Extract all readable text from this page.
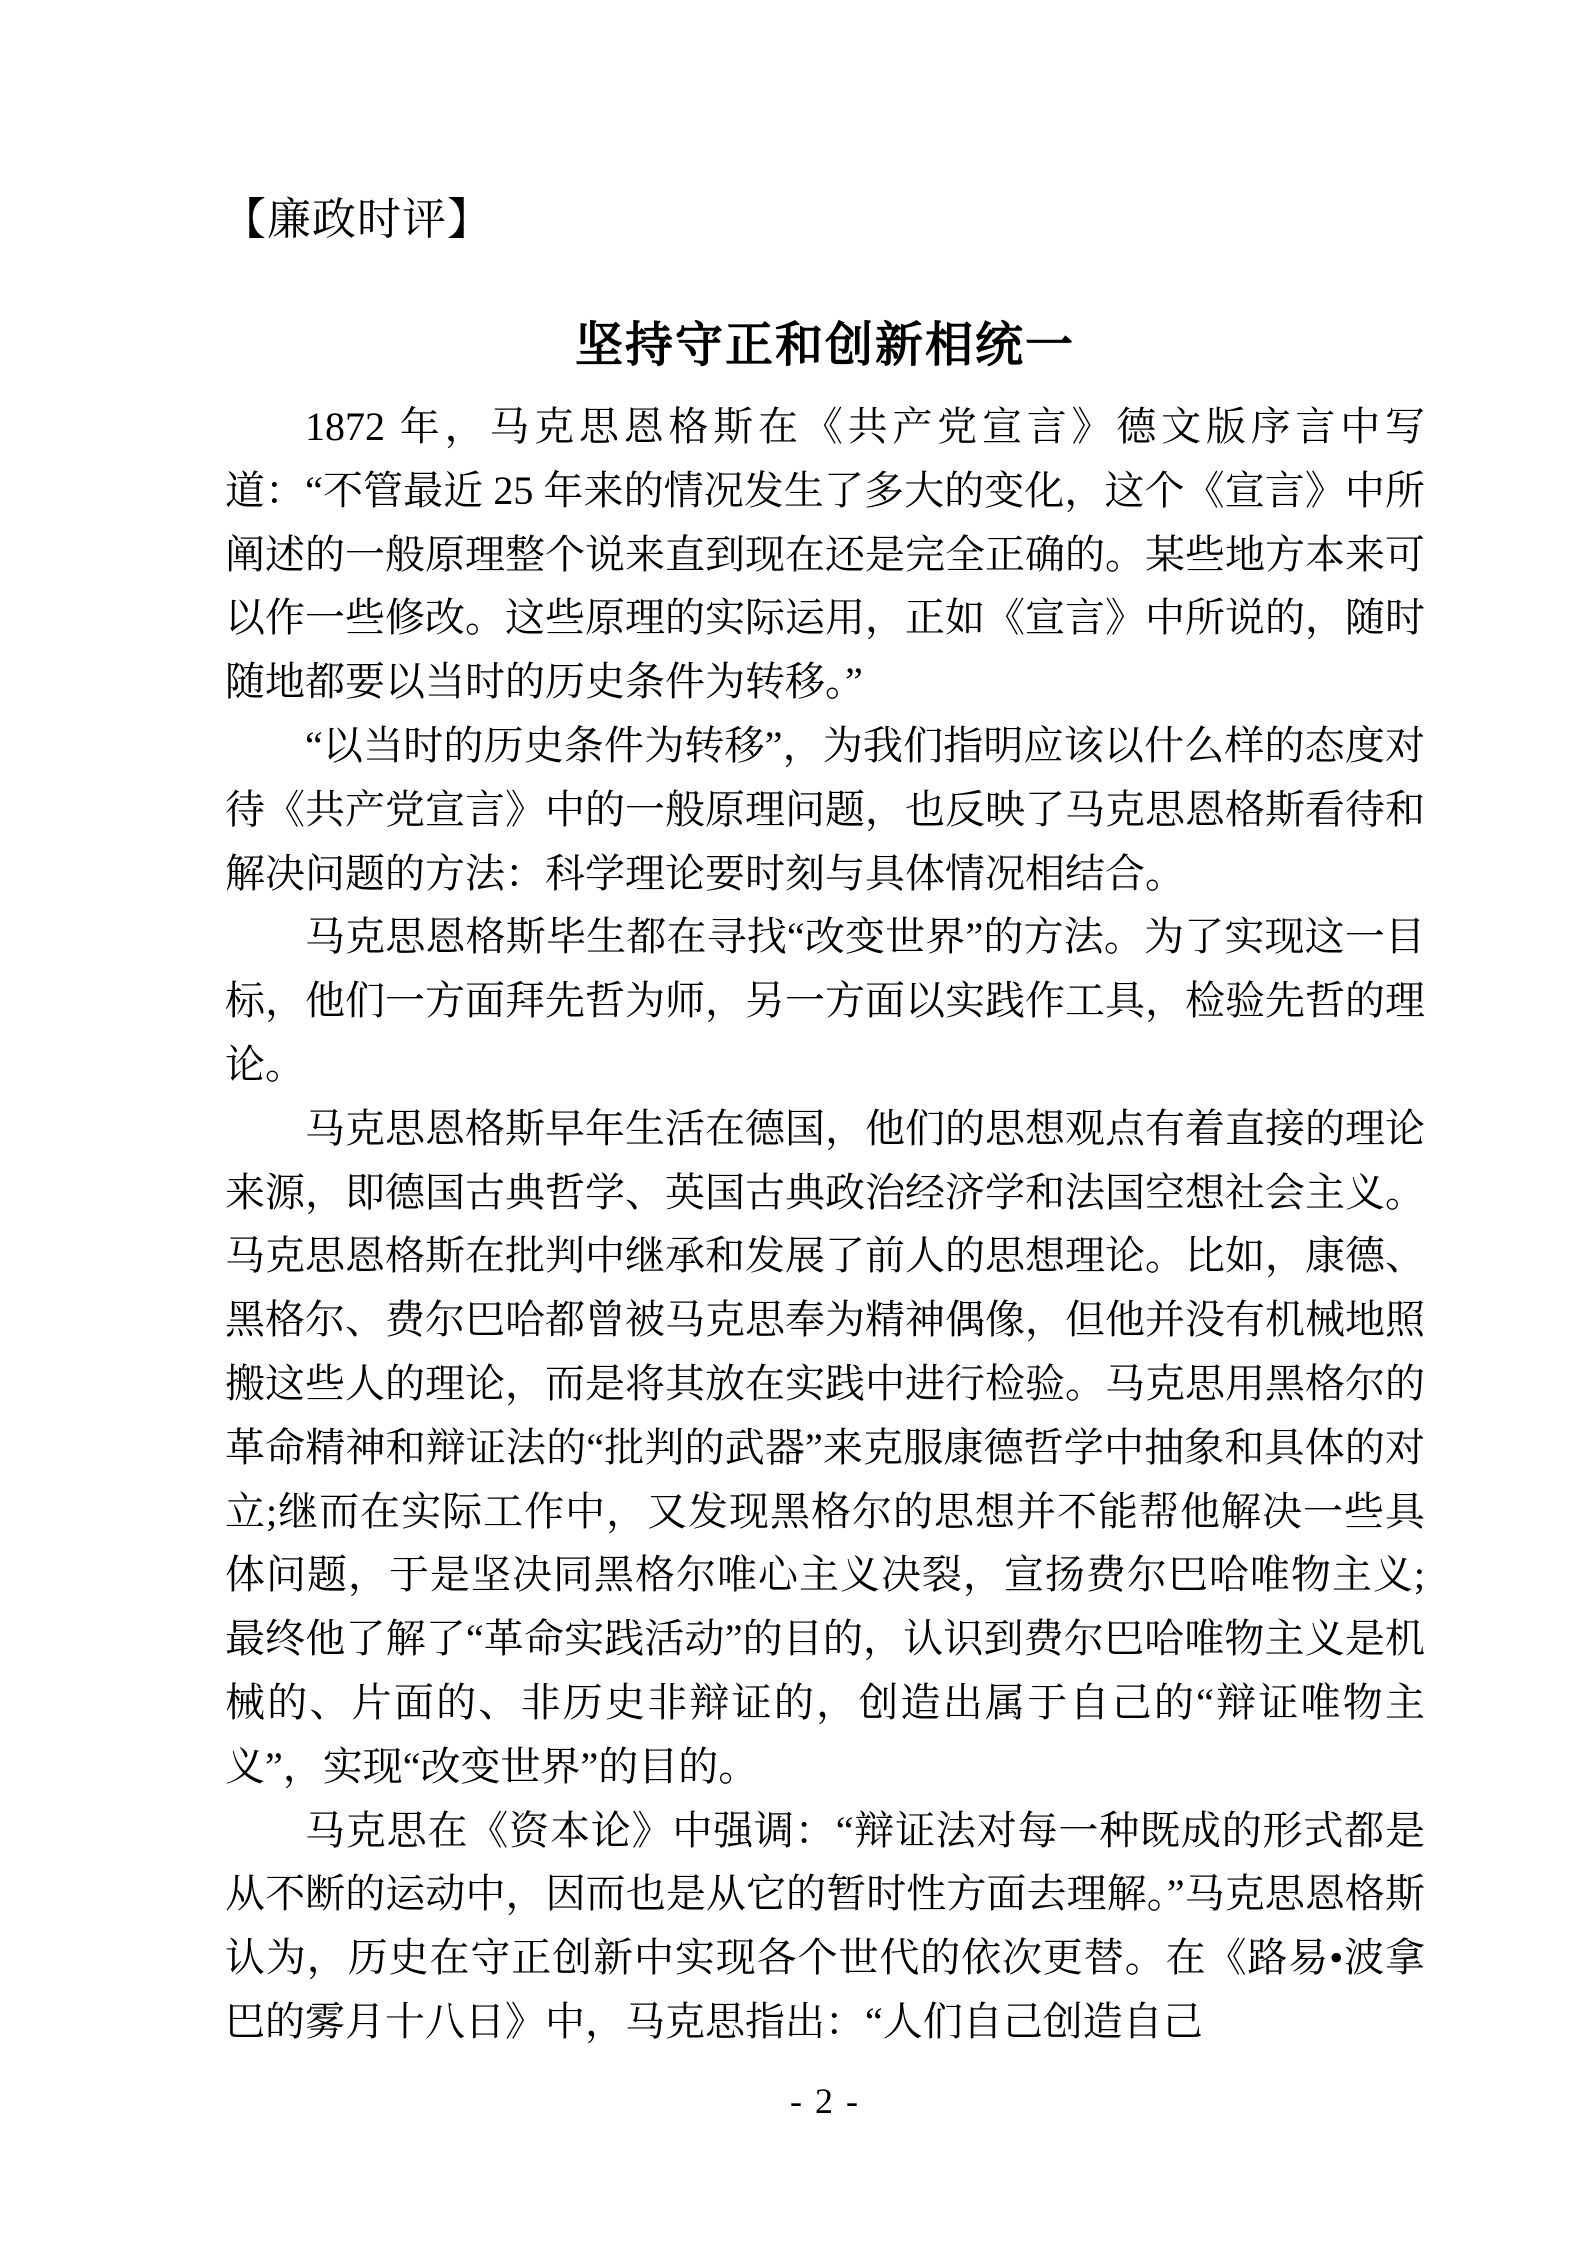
【廉政时评】
坚持守正和创新相统一

1872 年，马克思恩格斯在《共产党宣言》德文版序言中写道：“不管最近 25 年来的情况发生了多大的变化，这个《宣言》中所阐述的一般原理整个说来直到现在还是完全正确的。某些地方本来可以作一些修改。这些原理的实际运用，正如《宣言》中所说的，随时随地都要以当时的历史条件为转移。”

“以当时的历史条件为转移”，为我们指明应该以什么样的态度对待《共产党宣言》中的一般原理问题，也反映了马克思恩格斯看待和解决问题的方法：科学理论要时刻与具体情况相结合。

马克思恩格斯毕生都在寻找“改变世界”的方法。为了实现这一目标，他们一方面拜先哲为师，另一方面以实践作工具，检验先哲的理论。

马克思恩格斯早年生活在德国，他们的思想观点有着直接的理论来源，即德国古典哲学、英国古典政治经济学和法国空想社会主义。马克思恩格斯在批判中继承和发展了前人的思想理论。比如，康德、黑格尔、费尔巴哈都曾被马克思奉为精神偶像，但他并没有机械地照搬这些人的理论，而是将其放在实践中进行检验。马克思用黑格尔的革命精神和辩证法的“批判的武器”来克服康德哲学中抽象和具体的对立;继而在实际工作中，又发现黑格尔的思想并不能帮他解决一些具体问题，于是坚决同黑格尔唯心主义决裂，宣扬费尔巴哈唯物主义;最终他了解了“革命实践活动”的目的，认识到费尔巴哈唯物主义是机械的、片面的、非历史非辩证的，创造出属于自己的“辩证唯物主义”，实现“改变世界”的目的。

马克思在《资本论》中强调：“辩证法对每一种既成的形式都是从不断的运动中，因而也是从它的暂时性方面去理解。”马克思恩格斯认为，历史在守正创新中实现各个世代的依次更替。在《路易•波拿巴的雾月十八日》中，马克思指出：“人们自己创造自己

- 2 -
